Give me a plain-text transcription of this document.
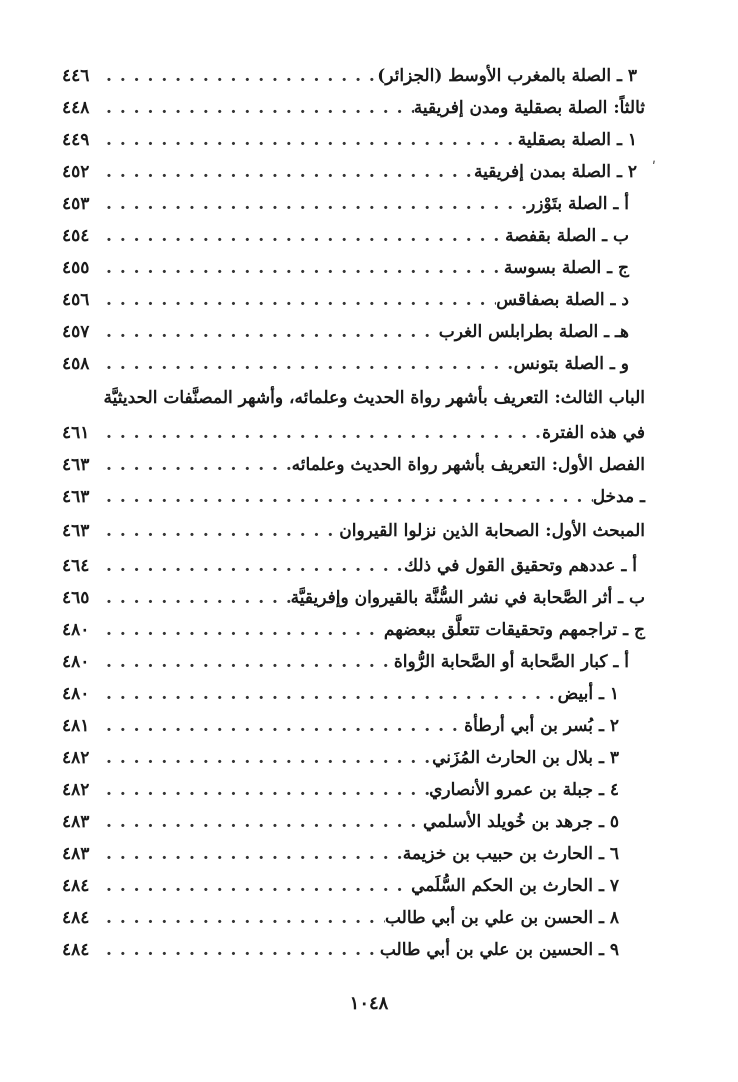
٣ ـ الصلة بالمغرب الأوسط (الجزائر)
. . .
٤٤٦
ثالثاً: الصلة بصقلية ومدن إفريقية
. . .
٤٤٨
١ ـ الصلة بصقلية
. . .
٤٤٩
٢ ـ الصلة بمدن إفريقية
. . .
٤٥٢
أ ـ الصلة بتَوْزر
. . .
٤٥٣
ب ـ الصلة بقفصة
. . .
٤٥٤
ج ـ الصلة بسوسة
. . .
٤٥٥
د ـ الصلة بصفاقس
. . .
٤٥٦
هـ ـ الصلة بطرابلس الغرب
. . .
٤٥٧
و ـ الصلة بتونس
. . .
٤٥٨
الباب الثالث: التعريف بأشهر رواة الحديث وعلمائه، وأشهر المصنَّفات الحديثيَّة
في هذه الفترة
. . .
٤٦١
الفصل الأول: التعريف بأشهر رواة الحديث وعلمائه
. . .
٤٦٣
ـ مدخل
. . .
٤٦٣
المبحث الأول: الصحابة الذين نزلوا القيروان
. . .
٤٦٣
أ ـ عددهم وتحقيق القول في ذلك
. . .
٤٦٤
ب ـ أثر الصَّحابة في نشر السُّنَّة بالقيروان وإفريقيَّة
. . .
٤٦٥
ج ـ تراجمهم وتحقيقات تتعلَّق ببعضهم
. . .
٤٨٠
أ ـ كبار الصَّحابة أو الصَّحابة الرُّواة
. . .
٤٨٠
١ ـ أبيض
. . .
٤٨٠
٢ ـ بُسر بن أبي أرطأة
. . .
٤٨١
٣ ـ بلال بن الحارث المُزَني
. . .
٤٨٢
٤ ـ جبلة بن عمرو الأنصاري
. . .
٤٨٢
٥ ـ جرهد بن خُويلد الأسلمي
. . .
٤٨٣
٦ ـ الحارث بن حبيب بن خزيمة
. . .
٤٨٣
٧ ـ الحارث بن الحكم السُّلَمي
. . .
٤٨٤
٨ ـ الحسن بن علي بن أبي طالب
. . .
٤٨٤
٩ ـ الحسين بن علي بن أبي طالب
. . .
٤٨٤
ʹ
١٠٤٨
